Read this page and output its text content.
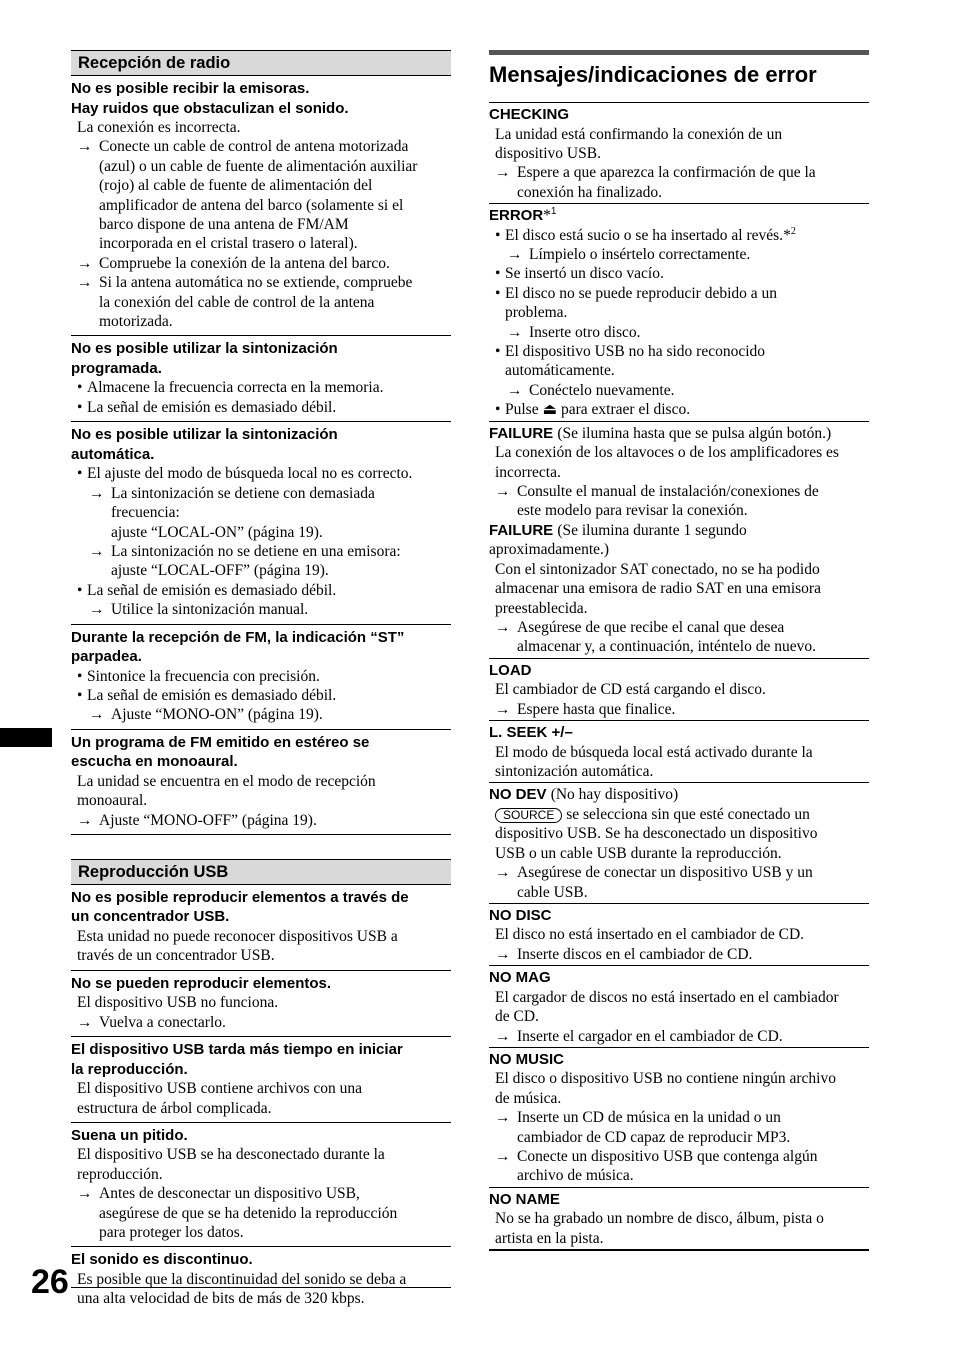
26
Recepción de radio
No es posible recibir la emisoras.
Hay ruidos que obstaculizan el sonido.
La conexión es incorrecta.
→ Conecte un cable de control de antena motorizada
(azul) o un cable de fuente de alimentación auxiliar
(rojo) al cable de fuente de alimentación del
amplificador de antena del barco (solamente si el
barco dispone de una antena de FM/AM
incorporada en el cristal trasero o lateral).
→ Compruebe la conexión de la antena del barco.
→ Si la antena automática no se extiende, compruebe
la conexión del cable de control de la antena
motorizada.
No es posible utilizar la sintonización
programada.
• Almacene la frecuencia correcta en la memoria.
• La señal de emisión es demasiado débil.
No es posible utilizar la sintonización
automática.
• El ajuste del modo de búsqueda local no es correcto.
→ La sintonización se detiene con demasiada
frecuencia:
ajuste “LOCAL-ON” (página 19).
→ La sintonización no se detiene en una emisora:
ajuste “LOCAL-OFF” (página 19).
• La señal de emisión es demasiado débil.
→ Utilice la sintonización manual.
Durante la recepción de FM, la indicación “ST”
parpadea.
• Sintonice la frecuencia con precisión.
• La señal de emisión es demasiado débil.
→ Ajuste “MONO-ON” (página 19).
Un programa de FM emitido en estéreo se
escucha en monoaural.
La unidad se encuentra en el modo de recepción
monoaural.
→ Ajuste “MONO-OFF” (página 19).
Reproducción USB
No es posible reproducir elementos a través de
un concentrador USB.
Esta unidad no puede reconocer dispositivos USB a
través de un concentrador USB.
No se pueden reproducir elementos.
El dispositivo USB no funciona.
→ Vuelva a conectarlo.
El dispositivo USB tarda más tiempo en iniciar
la reproducción.
El dispositivo USB contiene archivos con una
estructura de árbol complicada.
Suena un pitido.
El dispositivo USB se ha desconectado durante la
reproducción.
→ Antes de desconectar un dispositivo USB,
asegúrese de que se ha detenido la reproducción
para proteger los datos.
El sonido es discontinuo.
Es posible que la discontinuidad del sonido se deba a
una alta velocidad de bits de más de 320 kbps.
Mensajes/indicaciones de error
CHECKING
La unidad está confirmando la conexión de un
dispositivo USB.
→ Espere a que aparezca la confirmación de que la
conexión ha finalizado.
ERROR*$^1$
• El disco está sucio o se ha insertado al revés.*$^2$
→ Límpielo o insértelo correctamente.
• Se insertó un disco vacío.
• El disco no se puede reproducir debido a un
problema.
→ Inserte otro disco.
• El dispositivo USB no ha sido reconocido
automáticamente.
→ Conéctelo nuevamente.
• Pulse ⏏ para extraer el disco.
FAILURE (Se ilumina hasta que se pulsa algún botón.)
La conexión de los altavoces o de los amplificadores es
incorrecta.
→ Consulte el manual de instalación/conexiones de
este modelo para revisar la conexión.
FAILURE (Se ilumina durante 1 segundo
aproximadamente.)
Con el sintonizador SAT conectado, no se ha podido
almacenar una emisora de radio SAT en una emisora
preestablecida.
→ Asegúrese de que recibe el canal que desea
almacenar y, a continuación, inténtelo de nuevo.
LOAD
El cambiador de CD está cargando el disco.
→ Espere hasta que finalice.
L. SEEK +/–
El modo de búsqueda local está activado durante la
sintonización automática.
NO DEV (No hay dispositivo)
SOURCE se selecciona sin que esté conectado un
dispositivo USB. Se ha desconectado un dispositivo
USB o un cable USB durante la reproducción.
→ Asegúrese de conectar un dispositivo USB y un
cable USB.
NO DISC
El disco no está insertado en el cambiador de CD.
→ Inserte discos en el cambiador de CD.
NO MAG
El cargador de discos no está insertado en el cambiador
de CD.
→ Inserte el cargador en el cambiador de CD.
NO MUSIC
El disco o dispositivo USB no contiene ningún archivo
de música.
→ Inserte un CD de música en la unidad o un
cambiador de CD capaz de reproducir MP3.
→ Conecte un dispositivo USB que contenga algún
archivo de música.
NO NAME
No se ha grabado un nombre de disco, álbum, pista o
artista en la pista.
